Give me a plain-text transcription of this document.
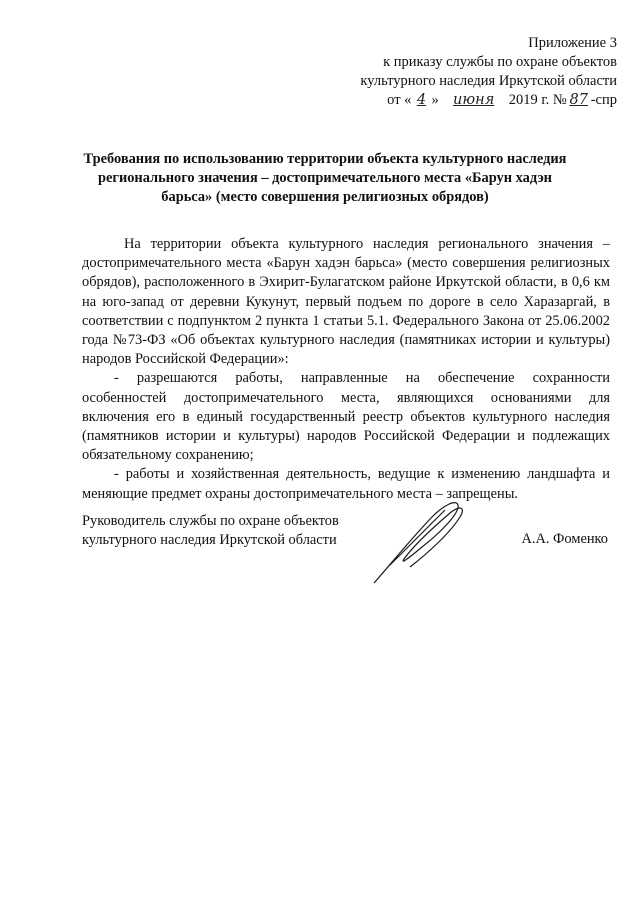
Приложение 3
к приказу службы по охране объектов
культурного наследия Иркутской области
от « 4 » июня 2019 г. № 87 -спр
Требования по использованию территории объекта культурного наследия регионального значения – достопримечательного места «Барун хадэн барьса» (место совершения религиозных обрядов)

На территории объекта культурного наследия регионального значения – достопримечательного места «Барун хадэн барьса» (место совершения религиозных обрядов), расположенного в Эхирит-Булагатском районе Иркутской области, в 0,6 км на юго-запад от деревни Кукунут, первый подъем по дороге в село Харазаргай, в соответствии с подпунктом 2 пункта 1 статьи 5.1. Федерального Закона от 25.06.2002 года №73-ФЗ «Об объектах культурного наследия (памятниках истории и культуры) народов Российской Федерации»:

- разрешаются работы, направленные на обеспечение сохранности особенностей достопримечательного места, являющихся основаниями для включения его в единый государственный реестр объектов культурного наследия (памятников истории и культуры) народов Российской Федерации и подлежащих обязательному сохранению;

- работы и хозяйственная деятельность, ведущие к изменению ландшафта и меняющие предмет охраны достопримечательного места – запрещены.

Руководитель службы по охране объектов
культурного наследия Иркутской области	А.А. Фоменко
